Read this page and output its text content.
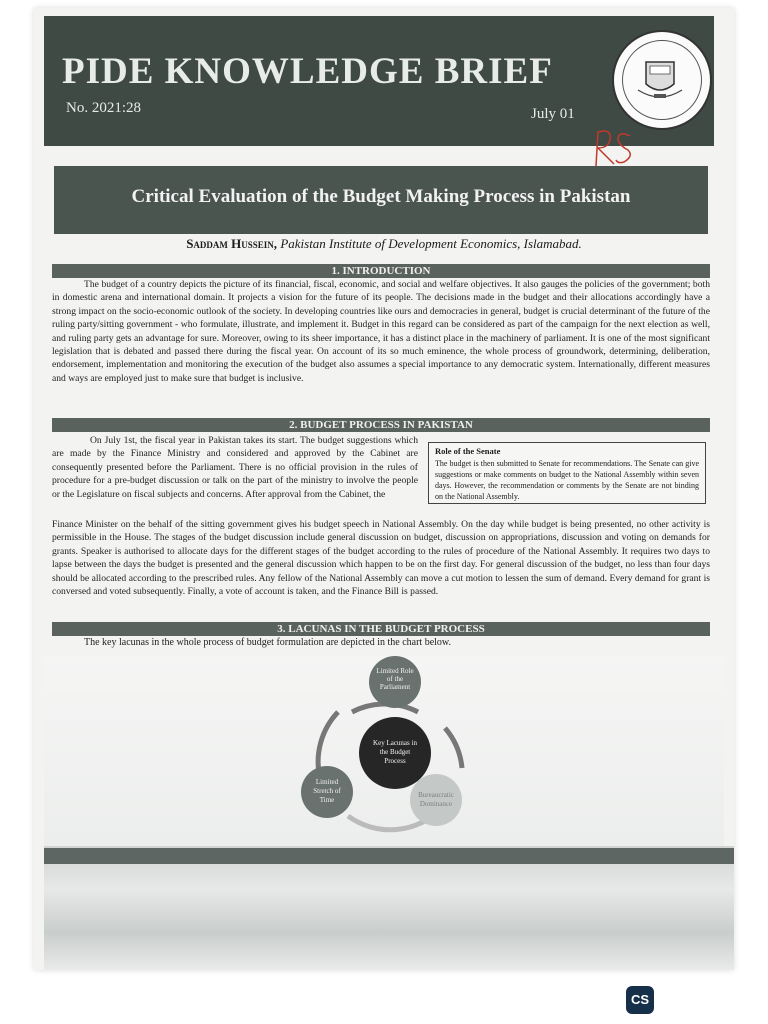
PIDE KNOWLEDGE BRIEF
No. 2021:28	July 01
Critical Evaluation of the Budget Making Process in Pakistan
Saddam Hussein, Pakistan Institute of Development Economics, Islamabad.
1. INTRODUCTION
The budget of a country depicts the picture of its financial, fiscal, economic, and social and welfare objectives. It also gauges the policies of the government; both in domestic arena and international domain. It projects a vision for the future of its people. The decisions made in the budget and their allocations accordingly have a strong impact on the socio-economic outlook of the society. In developing countries like ours and democracies in general, budget is crucial determinant of the future of the ruling party/sitting government - who formulate, illustrate, and implement it. Budget in this regard can be considered as part of the campaign for the next election as well, and ruling party gets an advantage for sure. Moreover, owing to its sheer importance, it has a distinct place in the machinery of parliament. It is one of the most significant legislation that is debated and passed there during the fiscal year. On account of its so much eminence, the whole process of groundwork, determining, deliberation, endorsement, implementation and monitoring the execution of the budget also assumes a special importance to any democratic system. Internationally, different measures and ways are employed just to make sure that budget is inclusive.
2. BUDGET PROCESS IN PAKISTAN
On July 1st, the fiscal year in Pakistan takes its start. The budget suggestions which are made by the Finance Ministry and considered and approved by the Cabinet are consequently presented before the Parliament. There is no official provision in the rules of procedure for a pre-budget discussion or talk on the part of the ministry to involve the people or the Legislature on fiscal subjects and concerns. After approval from the Cabinet, the
Role of the Senate
The budget is then submitted to Senate for recommendations. The Senate can give suggestions or make comments on budget to the National Assembly within seven days. However, the recommendation or comments by the Senate are not binding on the National Assembly.
Finance Minister on the behalf of the sitting government gives his budget speech in National Assembly. On the day while budget is being presented, no other activity is permissible in the House. The stages of the budget discussion include general discussion on budget, discussion on appropriations, discussion and voting on demands for grants. Speaker is authorised to allocate days for the different stages of the budget according to the rules of procedure of the National Assembly. It requires two days to lapse between the days the budget is presented and the general discussion which happen to be on the first day. For general discussion of the budget, no less than four days should be allocated according to the prescribed rules. Any fellow of the National Assembly can move a cut motion to lessen the sum of demand. Every demand for grant is conversed and voted subsequently. Finally, a vote of account is taken, and the Finance Bill is passed.
3. LACUNAS IN THE BUDGET PROCESS
The key lacunas in the whole process of budget formulation are depicted in the chart below.
Key Lacunas in
the Budget
Process
Limited Role
of the
Parliament
Limited
Stretch of
Time
Bureaucratic
Dominance
CS
